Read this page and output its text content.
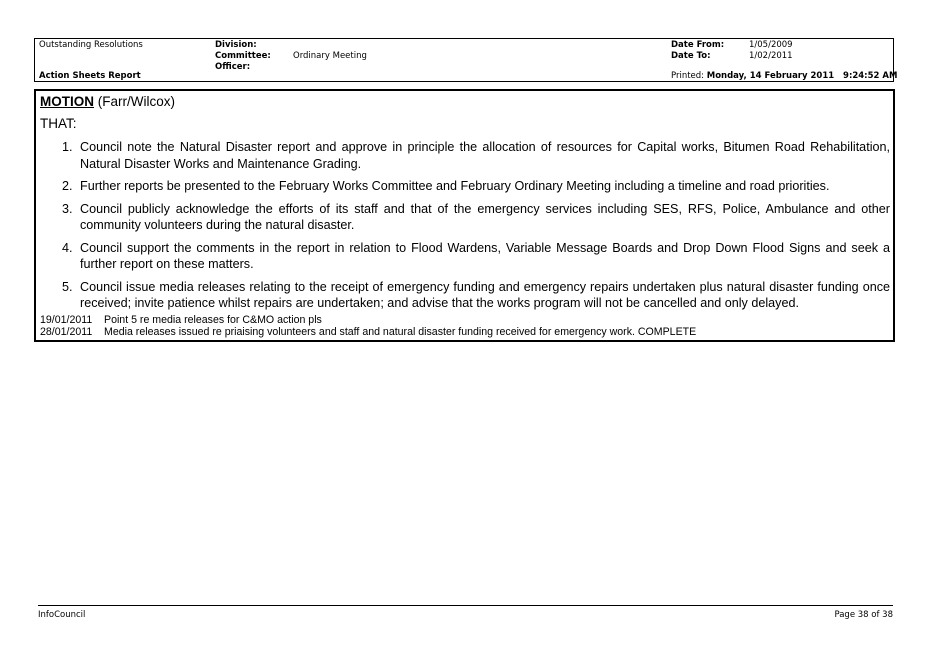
Outstanding Resolutions
Action Sheets Report
Division:
Committee:	Ordinary Meeting
Officer:
Date From:	1/05/2009
Date To:	1/02/2011
Printed: Monday, 14 February 2011   9:24:52 AM
MOTION (Farr/Wilcox)
THAT:
1. Council note the Natural Disaster report and approve in principle the allocation of resources for Capital works, Bitumen Road Rehabilitation, Natural Disaster Works and Maintenance Grading.
2. Further reports be presented to the February Works Committee and February Ordinary Meeting including a timeline and road priorities.
3. Council publicly acknowledge the efforts of its staff and that of the emergency services including SES, RFS, Police, Ambulance and other community volunteers during the natural disaster.
4. Council support the comments in the report in relation to Flood Wardens, Variable Message Boards and Drop Down Flood Signs and seek a further report on these matters.
5. Council issue media releases relating to the receipt of emergency funding and emergency repairs undertaken plus natural disaster funding once received; invite patience whilst repairs are undertaken; and advise that the works program will not be cancelled and only delayed.
19/01/2011 Point 5 re media releases for C&MO action pls
28/01/2011 Media releases issued re priaising volunteers and staff and natural disaster funding received for emergency work. COMPLETE
InfoCouncil	Page 38 of 38
